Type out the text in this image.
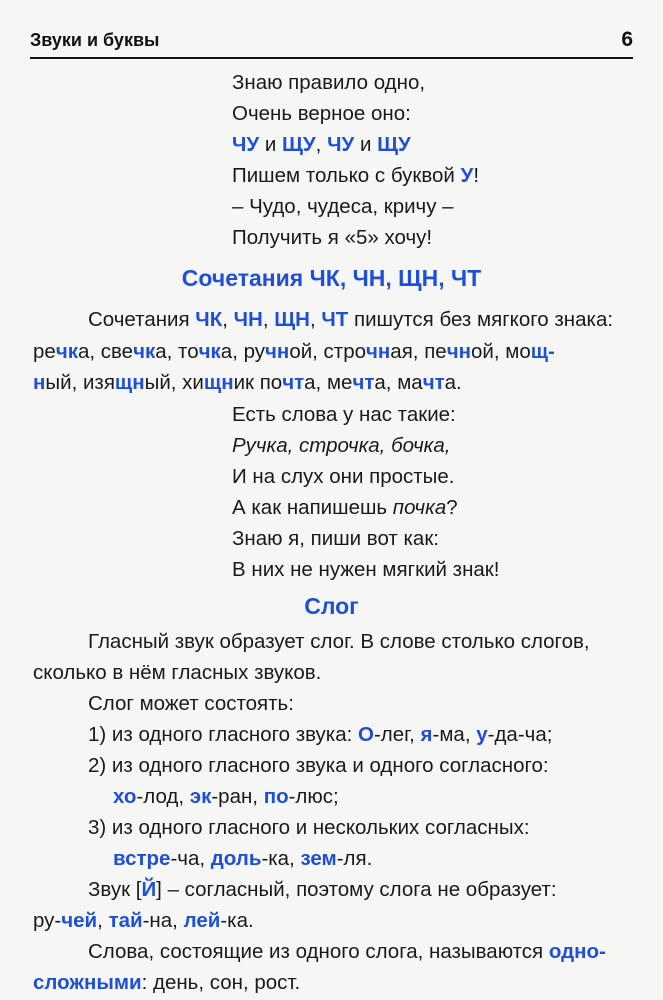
Звуки и буквы	6
Знаю правило одно,
Очень верное оно:
ЧУ и ЩУ, ЧУ и ЩУ
Пишем только с буквой У!
– Чудо, чудеса, кричу –
Получить я «5» хочу!
Сочетания ЧК, ЧН, ЩН, ЧТ
Сочетания ЧК, ЧН, ЩН, ЧТ пишутся без мягкого знака:
речка, свечка, точка, ручной, строчная, печной, мощ-
ный, изящный, хищник почта, мечта, мачта.
Есть слова у нас такие:
Ручка, строчка, бочка,
И на слух они простые.
А как напишешь почка?
Знаю я, пиши вот как:
В них не нужен мягкий знак!
Слог
Гласный звук образует слог. В слове столько слогов,
сколько в нём гласных звуков.
Слог может состоять:
1) из одного гласного звука: О-лег, я-ма, у-да-ча;
2) из одного гласного звука и одного согласного:
хо-лод, эк-ран, по-люс;
3) из одного гласного и нескольких согласных:
встре-ча, доль-ка, зем-ля.
Звук [Й] – согласный, поэтому слога не образует:
ру-чей, тай-на, лей-ка.
Слова, состоящие из одного слога, называются одно-
сложными: день, сон, рост.
